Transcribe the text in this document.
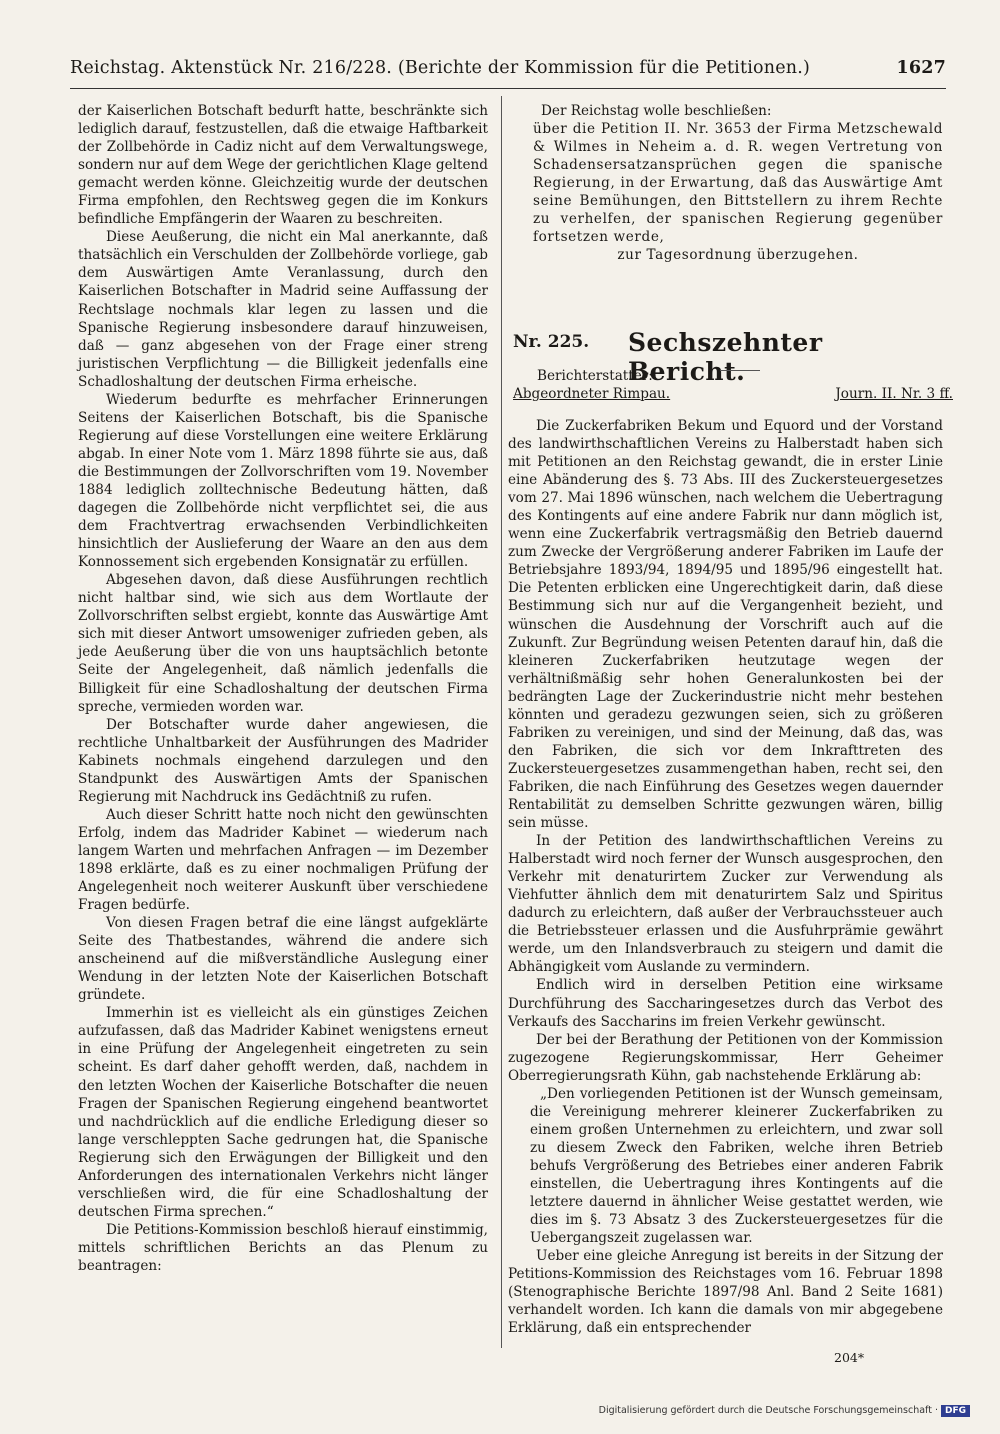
Reichstag. Aktenstück Nr. 216/228. (Berichte der Kommission für die Petitionen.)	1627

der Kaiserlichen Botschaft bedurft hatte, beschränkte sich lediglich darauf, festzustellen, daß die etwaige Haftbarkeit der Zollbehörde in Cadiz nicht auf dem Verwaltungswege, sondern nur auf dem Wege der gerichtlichen Klage geltend gemacht werden könne. Gleichzeitig wurde der deutschen Firma empfohlen, den Rechtsweg gegen die im Konkurs befindliche Empfängerin der Waaren zu beschreiten.

Diese Aeußerung, die nicht ein Mal anerkannte, daß thatsächlich ein Verschulden der Zollbehörde vorliege, gab dem Auswärtigen Amte Veranlassung, durch den Kaiserlichen Botschafter in Madrid seine Auffassung der Rechtslage nochmals klar legen zu lassen und die Spanische Regierung insbesondere darauf hinzuweisen, daß — ganz abgesehen von der Frage einer streng juristischen Verpflichtung — die Billigkeit jedenfalls eine Schadloshaltung der deutschen Firma erheische.

Wiederum bedurfte es mehrfacher Erinnerungen Seitens der Kaiserlichen Botschaft, bis die Spanische Regierung auf diese Vorstellungen eine weitere Erklärung abgab. In einer Note vom 1. März 1898 führte sie aus, daß die Bestimmungen der Zollvorschriften vom 19. November 1884 lediglich zolltechnische Bedeutung hätten, daß dagegen die Zollbehörde nicht verpflichtet sei, die aus dem Frachtvertrag erwachsenden Verbindlichkeiten hinsichtlich der Auslieferung der Waare an den aus dem Konnossement sich ergebenden Konsignatär zu erfüllen.

Abgesehen davon, daß diese Ausführungen rechtlich nicht haltbar sind, wie sich aus dem Wortlaute der Zollvorschriften selbst ergiebt, konnte das Auswärtige Amt sich mit dieser Antwort umsoweniger zufrieden geben, als jede Aeußerung über die von uns hauptsächlich betonte Seite der Angelegenheit, daß nämlich jedenfalls die Billigkeit für eine Schadloshaltung der deutschen Firma spreche, vermieden worden war.

Der Botschafter wurde daher angewiesen, die rechtliche Unhaltbarkeit der Ausführungen des Madrider Kabinets nochmals eingehend darzulegen und den Standpunkt des Auswärtigen Amts der Spanischen Regierung mit Nachdruck ins Gedächtniß zu rufen.

Auch dieser Schritt hatte noch nicht den gewünschten Erfolg, indem das Madrider Kabinet — wiederum nach langem Warten und mehrfachen Anfragen — im Dezember 1898 erklärte, daß es zu einer nochmaligen Prüfung der Angelegenheit noch weiterer Auskunft über verschiedene Fragen bedürfe.

Von diesen Fragen betraf die eine längst aufgeklärte Seite des Thatbestandes, während die andere sich anscheinend auf die mißverständliche Auslegung einer Wendung in der letzten Note der Kaiserlichen Botschaft gründete.

Immerhin ist es vielleicht als ein günstiges Zeichen aufzufassen, daß das Madrider Kabinet wenigstens erneut in eine Prüfung der Angelegenheit eingetreten zu sein scheint. Es darf daher gehofft werden, daß, nachdem in den letzten Wochen der Kaiserliche Botschafter die neuen Fragen der Spanischen Regierung eingehend beantwortet und nachdrücklich auf die endliche Erledigung dieser so lange verschleppten Sache gedrungen hat, die Spanische Regierung sich den Erwägungen der Billigkeit und den Anforderungen des internationalen Verkehrs nicht länger verschließen wird, die für eine Schadloshaltung der deutschen Firma sprechen.“

Die Petitions-Kommission beschloß hierauf einstimmig, mittels schriftlichen Berichts an das Plenum zu beantragen:

Der Reichstag wolle beschließen:

über die Petition II. Nr. 3653 der Firma Metzschewald & Wilmes in Neheim a. d. R. wegen Vertretung von Schadensersatzansprüchen gegen die spanische Regierung, in der Erwartung, daß das Auswärtige Amt seine Bemühungen, den Bittstellern zu ihrem Rechte zu verhelfen, der spanischen Regierung gegenüber fortsetzen werde,

zur Tagesordnung überzugehen.

Nr. 225. Sechszehnter Bericht.
Berichterstatter:
Abgeordneter Rimpau.	Journ. II. Nr. 3 ff.

Die Zuckerfabriken Bekum und Equord und der Vorstand des landwirthschaftlichen Vereins zu Halberstadt haben sich mit Petitionen an den Reichstag gewandt, die in erster Linie eine Abänderung des §. 73 Abs. III des Zuckersteuergesetzes vom 27. Mai 1896 wünschen, nach welchem die Uebertragung des Kontingents auf eine andere Fabrik nur dann möglich ist, wenn eine Zuckerfabrik vertragsmäßig den Betrieb dauernd zum Zwecke der Vergrößerung anderer Fabriken im Laufe der Betriebsjahre 1893/94, 1894/95 und 1895/96 eingestellt hat. Die Petenten erblicken eine Ungerechtigkeit darin, daß diese Bestimmung sich nur auf die Vergangenheit bezieht, und wünschen die Ausdehnung der Vorschrift auch auf die Zukunft. Zur Begründung weisen Petenten darauf hin, daß die kleineren Zuckerfabriken heutzutage wegen der verhältnißmäßig sehr hohen Generalunkosten bei der bedrängten Lage der Zuckerindustrie nicht mehr bestehen könnten und geradezu gezwungen seien, sich zu größeren Fabriken zu vereinigen, und sind der Meinung, daß das, was den Fabriken, die sich vor dem Inkrafttreten des Zuckersteuergesetzes zusammengethan haben, recht sei, den Fabriken, die nach Einführung des Gesetzes wegen dauernder Rentabilität zu demselben Schritte gezwungen wären, billig sein müsse.

In der Petition des landwirthschaftlichen Vereins zu Halberstadt wird noch ferner der Wunsch ausgesprochen, den Verkehr mit denaturirtem Zucker zur Verwendung als Viehfutter ähnlich dem mit denaturirtem Salz und Spiritus dadurch zu erleichtern, daß außer der Verbrauchssteuer auch die Betriebssteuer erlassen und die Ausfuhrprämie gewährt werde, um den Inlandsverbrauch zu steigern und damit die Abhängigkeit vom Auslande zu vermindern.

Endlich wird in derselben Petition eine wirksame Durchführung des Saccharingesetzes durch das Verbot des Verkaufs des Saccharins im freien Verkehr gewünscht.

Der bei der Berathung der Petitionen von der Kommission zugezogene Regierungskommissar, Herr Geheimer Oberregierungsrath Kühn, gab nachstehende Erklärung ab:

„Den vorliegenden Petitionen ist der Wunsch gemeinsam, die Vereinigung mehrerer kleinerer Zuckerfabriken zu einem großen Unternehmen zu erleichtern, und zwar soll zu diesem Zweck den Fabriken, welche ihren Betrieb behufs Vergrößerung des Betriebes einer anderen Fabrik einstellen, die Uebertragung ihres Kontingents auf die letztere dauernd in ähnlicher Weise gestattet werden, wie dies im §. 73 Absatz 3 des Zuckersteuergesetzes für die Uebergangszeit zugelassen war.

Ueber eine gleiche Anregung ist bereits in der Sitzung der Petitions-Kommission des Reichstages vom 16. Februar 1898 (Stenographische Berichte 1897/98 Anl. Band 2 Seite 1681) verhandelt worden. Ich kann die damals von mir abgegebene Erklärung, daß ein entsprechender

204*
Digitalisierung gefördert durch die Deutsche Forschungsgemeinschaft · DFG
